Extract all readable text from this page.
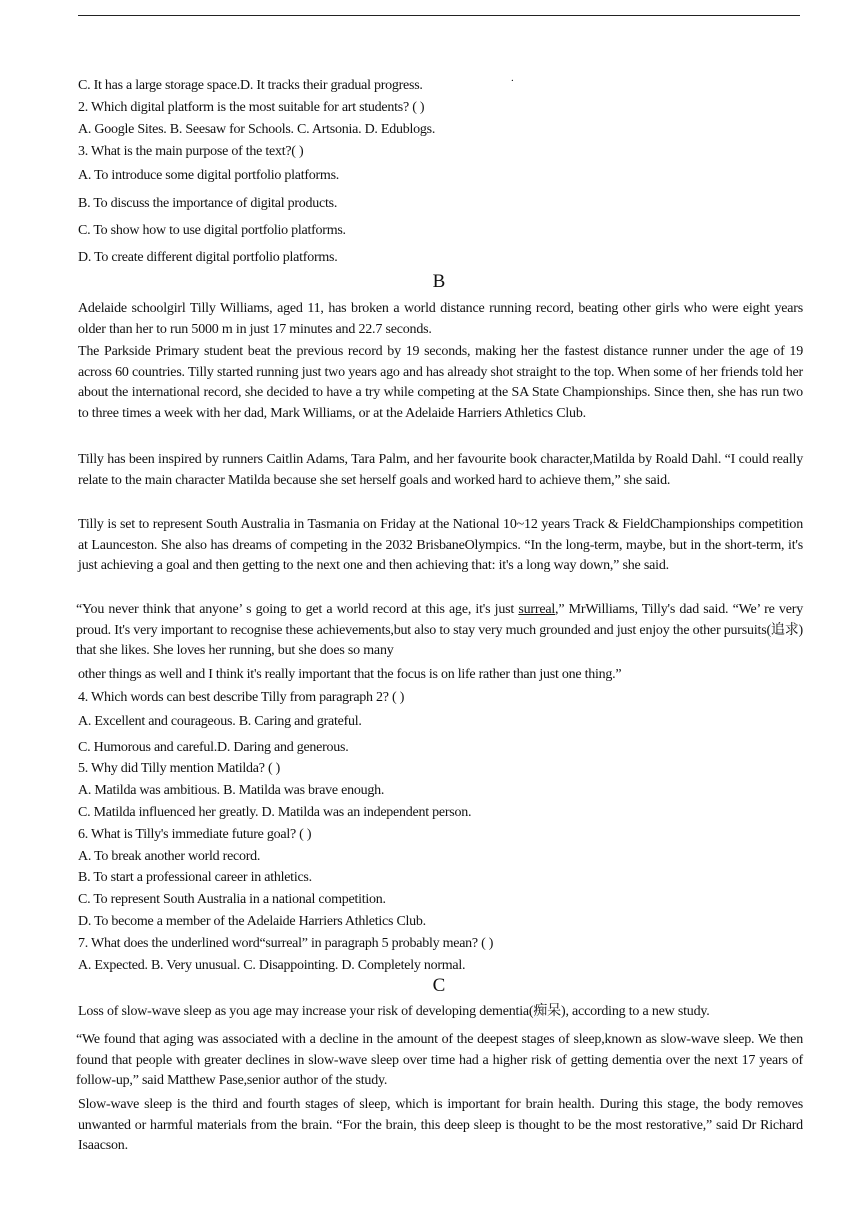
.
C. It has a large storage space.D. It tracks their gradual progress.
2. Which digital platform is the most suitable for art students? ( )
A. Google Sites. B. Seesaw for Schools. C. Artsonia. D. Edublogs.
3. What is the main purpose of the text?( )
A. To introduce some digital portfolio platforms.
B. To discuss the importance of digital products.
C. To show how to use digital portfolio platforms.
D. To create different digital portfolio platforms.
B
Adelaide schoolgirl Tilly Williams, aged 11, has broken a world distance running record, beating other girls who were eight years older than her to run 5000 m in just 17 minutes and 22.7 seconds.
The Parkside Primary student beat the previous record by 19 seconds, making her the fastest distance runner under the age of 19 across 60 countries. Tilly started running just two years ago and has already shot straight to the top. When some of her friends told her about the international record, she decided to have a try while competing at the SA State Championships. Since then, she has run two to three times a week with her dad, Mark Williams, or at the Adelaide Harriers Athletics Club.
Tilly has been inspired by runners Caitlin Adams, Tara Palm, and her favourite book character,Matilda by Roald Dahl. “I could really relate to the main character Matilda because she set herself goals and worked hard to achieve them,” she said.
Tilly is set to represent South Australia in Tasmania on Friday at the National 10~12 years Track & FieldChampionships competition at Launceston. She also has dreams of competing in the 2032 BrisbaneOlympics. “In the long-term, maybe, but in the short-term, it's just achieving a goal and then getting to the next one and then achieving that: it's a long way down,” she said.
“You never think that anyone’ s going to get a world record at this age, it's just surreal,” MrWilliams, Tilly's dad said. “We’ re very proud. It's very important to recognise these achievements,but also to stay very much grounded and just enjoy the other pursuits(追求) that she likes. She loves her running, but she does so many
other things as well and I think it's really important that the focus is on life rather than just one thing.”
4. Which words can best describe Tilly from paragraph 2? ( )
A. Excellent and courageous. B. Caring and grateful.
C. Humorous and careful.D. Daring and generous.
5. Why did Tilly mention Matilda? ( )
A. Matilda was ambitious. B. Matilda was brave enough.
C. Matilda influenced her greatly. D. Matilda was an independent person.
6. What is Tilly's immediate future goal? ( )
A. To break another world record.
B. To start a professional career in athletics.
C. To represent South Australia in a national competition.
D. To become a member of the Adelaide Harriers Athletics Club.
7. What does the underlined word“surreal” in paragraph 5 probably mean? ( )
A. Expected. B. Very unusual. C. Disappointing. D. Completely normal.
C
Loss of slow-wave sleep as you age may increase your risk of developing dementia(痴呆), according to a new study.
“We found that aging was associated with a decline in the amount of the deepest stages of sleep,known as slow-wave sleep. We then found that people with greater declines in slow-wave sleep over time had a higher risk of getting dementia over the next 17 years of follow-up,” said Matthew Pase,senior author of the study.
Slow-wave sleep is the third and fourth stages of sleep, which is important for brain health. During this stage, the body removes unwanted or harmful materials from the brain. “For the brain, this deep sleep is thought to be the most restorative,” said Dr Richard Isaacson.
